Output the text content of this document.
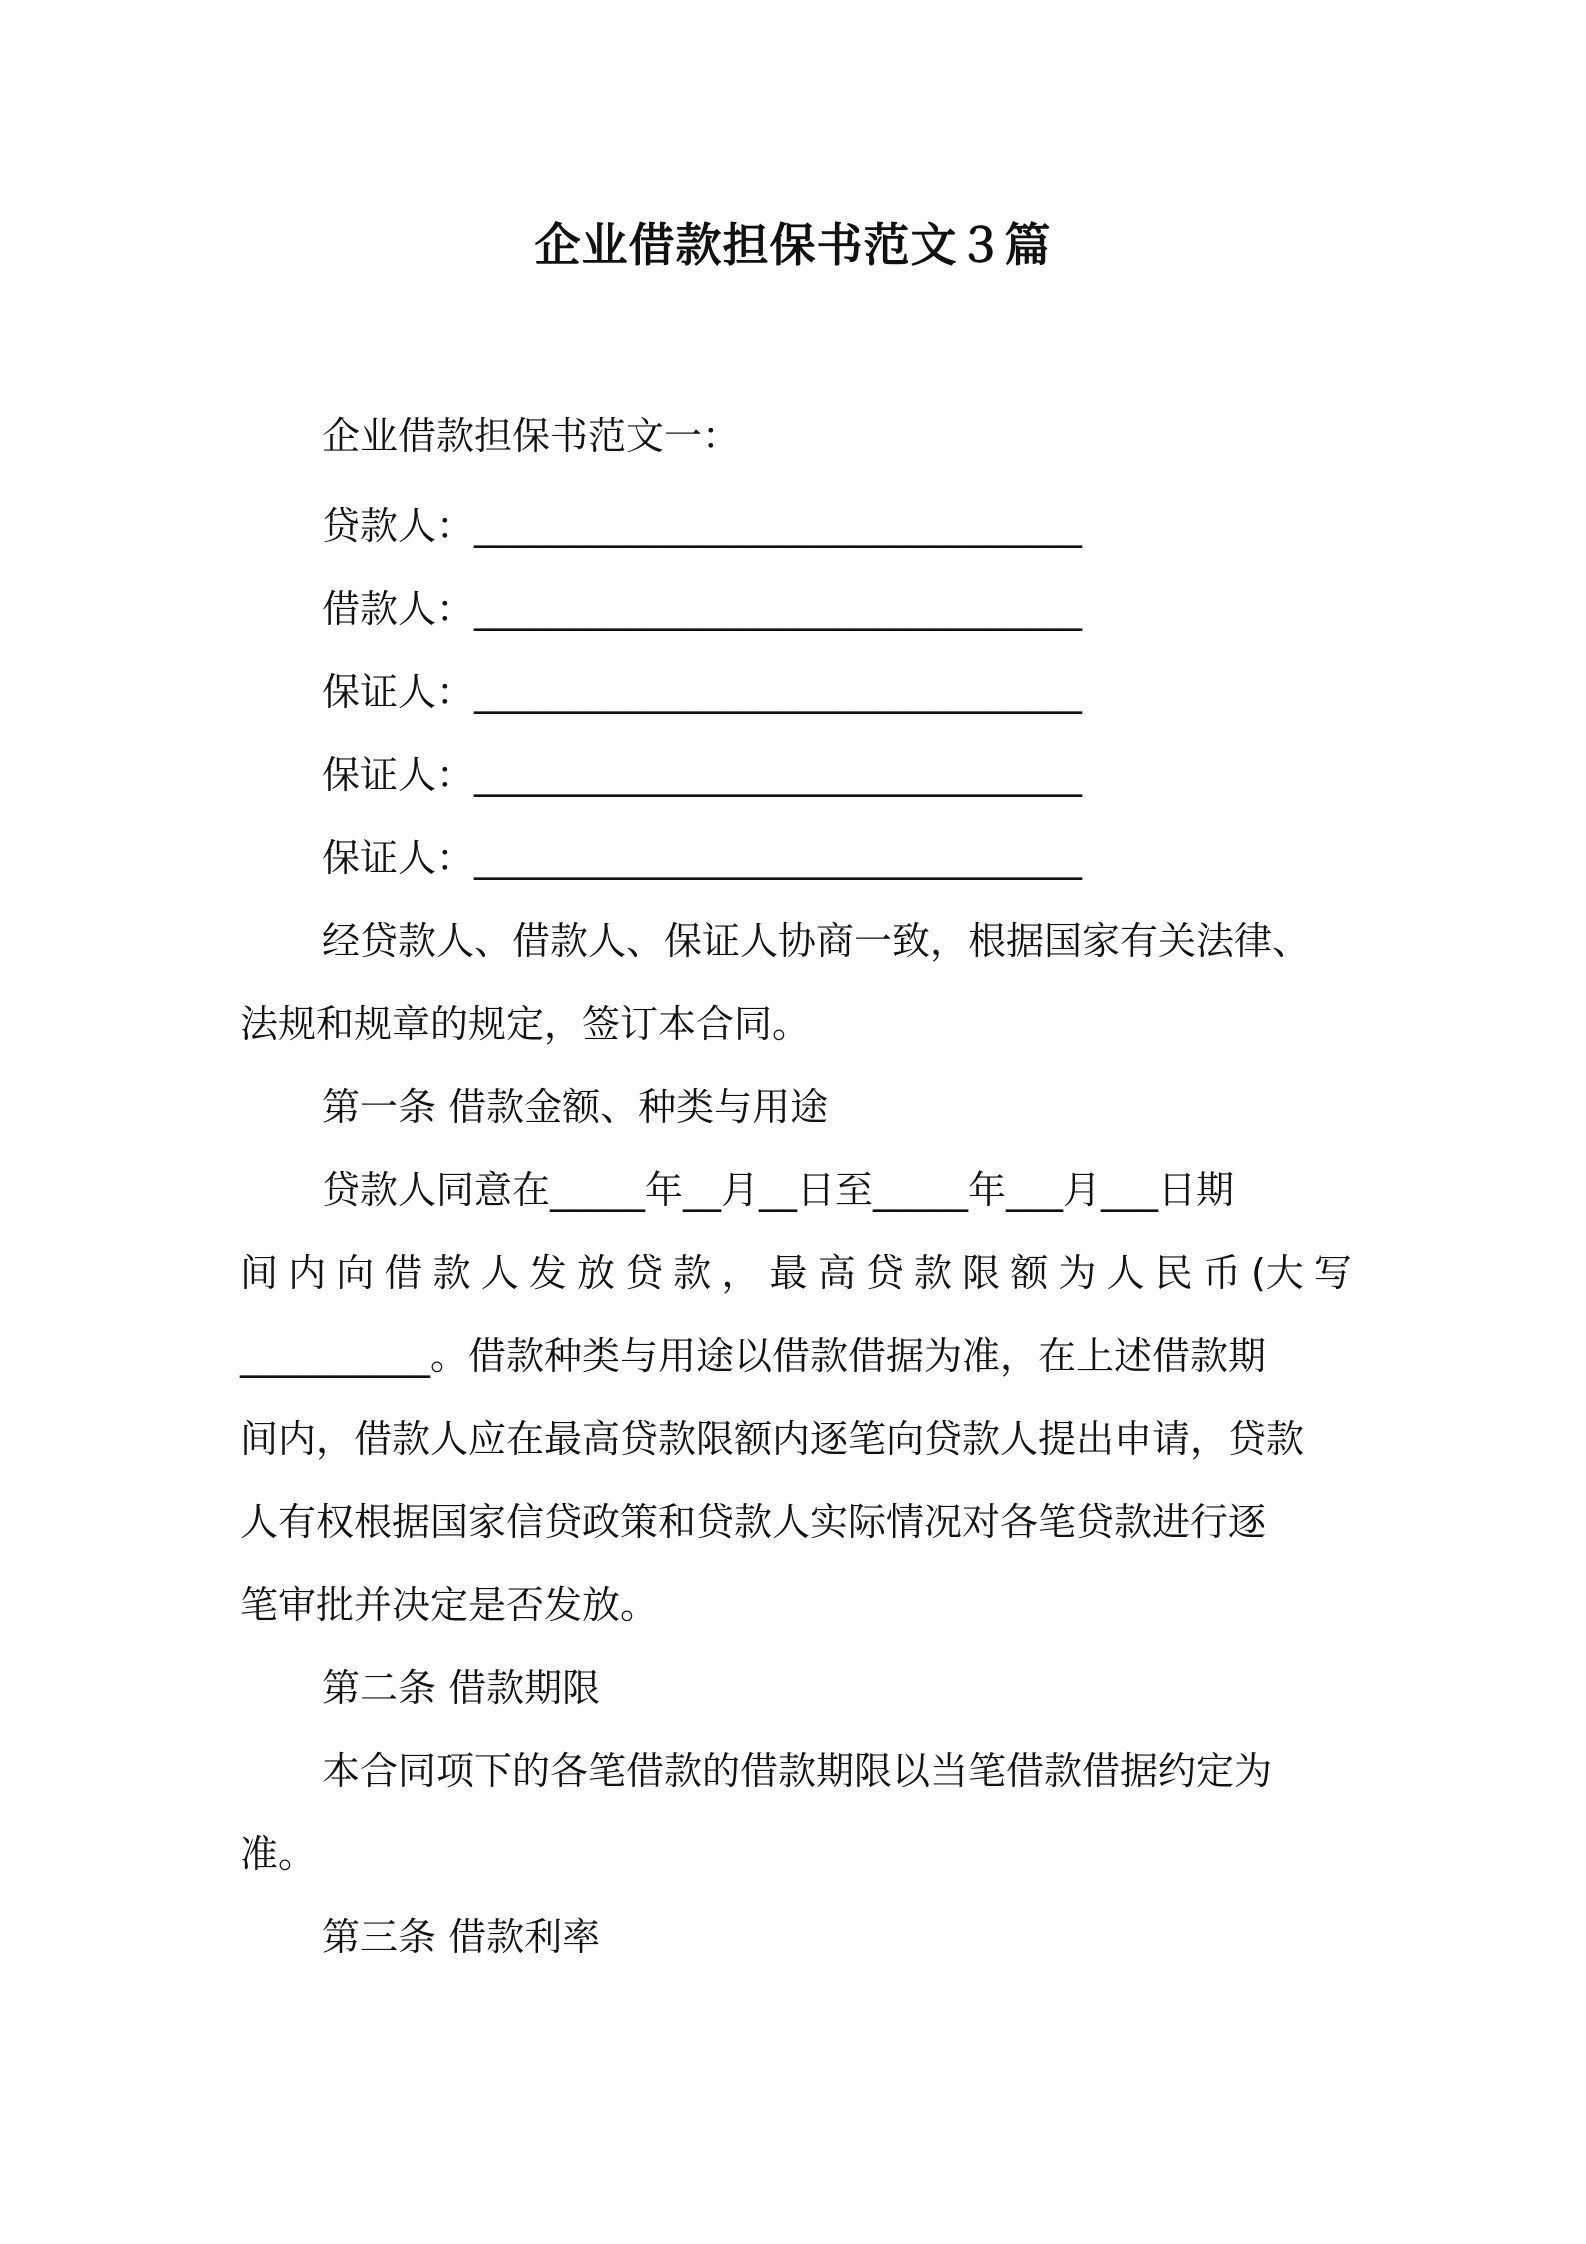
企业借款担保书范文３篇
企业借款担保书范文一：
贷款人：________________________________
借款人：________________________________
保证人：________________________________
保证人：________________________________
保证人：________________________________
经贷款人、借款人、保证人协商一致，根据国家有关法律、
法规和规章的规定，签订本合同。
第一条 借款金额、种类与用途
贷款人同意在_____年__月__日至_____年___月___日期
间 内 向 借 款 人 发 放 贷 款 ， 最 高 贷 款 限 额 为 人 民 币 (大 写
__________。借款种类与用途以借款借据为准，在上述借款期
间内，借款人应在最高贷款限额内逐笔向贷款人提出申请，贷款
人有权根据国家信贷政策和贷款人实际情况对各笔贷款进行逐
笔审批并决定是否发放。
第二条 借款期限
本合同项下的各笔借款的借款期限以当笔借款借据约定为
准。
第三条 借款利率
